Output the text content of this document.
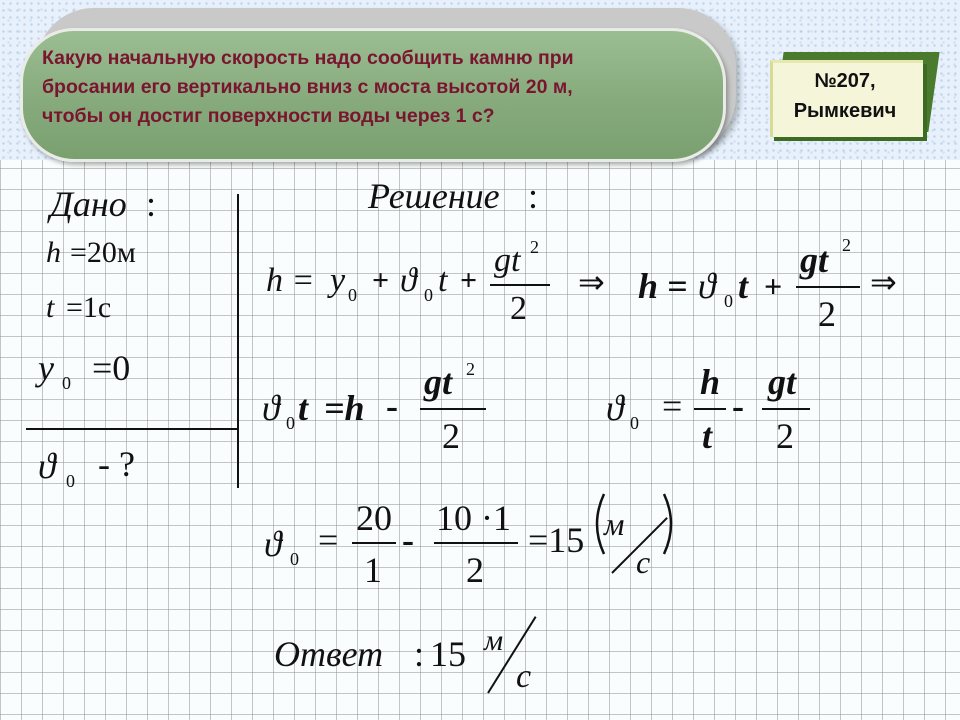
Какую начальную скорость надо сообщить камню при
бросании его вертикально вниз с моста высотой 20 м,
чтобы он достиг поверхности воды через 1 с?
№207,
Рымкевич
Дано :
h =20м
t =1с
y 0 =0
ϑ 0 - ?
Решение :
h = y 0 + ϑ 0 t +
gt 2
2
⇒ h = ϑ 0 t +
gt 2
2
⇒
ϑ 0 t =h -
gt 2
2
ϑ 0 =
h
t
-
gt
2
ϑ 0 =
20
1
-
10 ·1
2
=15 м
с
Ответ : 15 м
с
